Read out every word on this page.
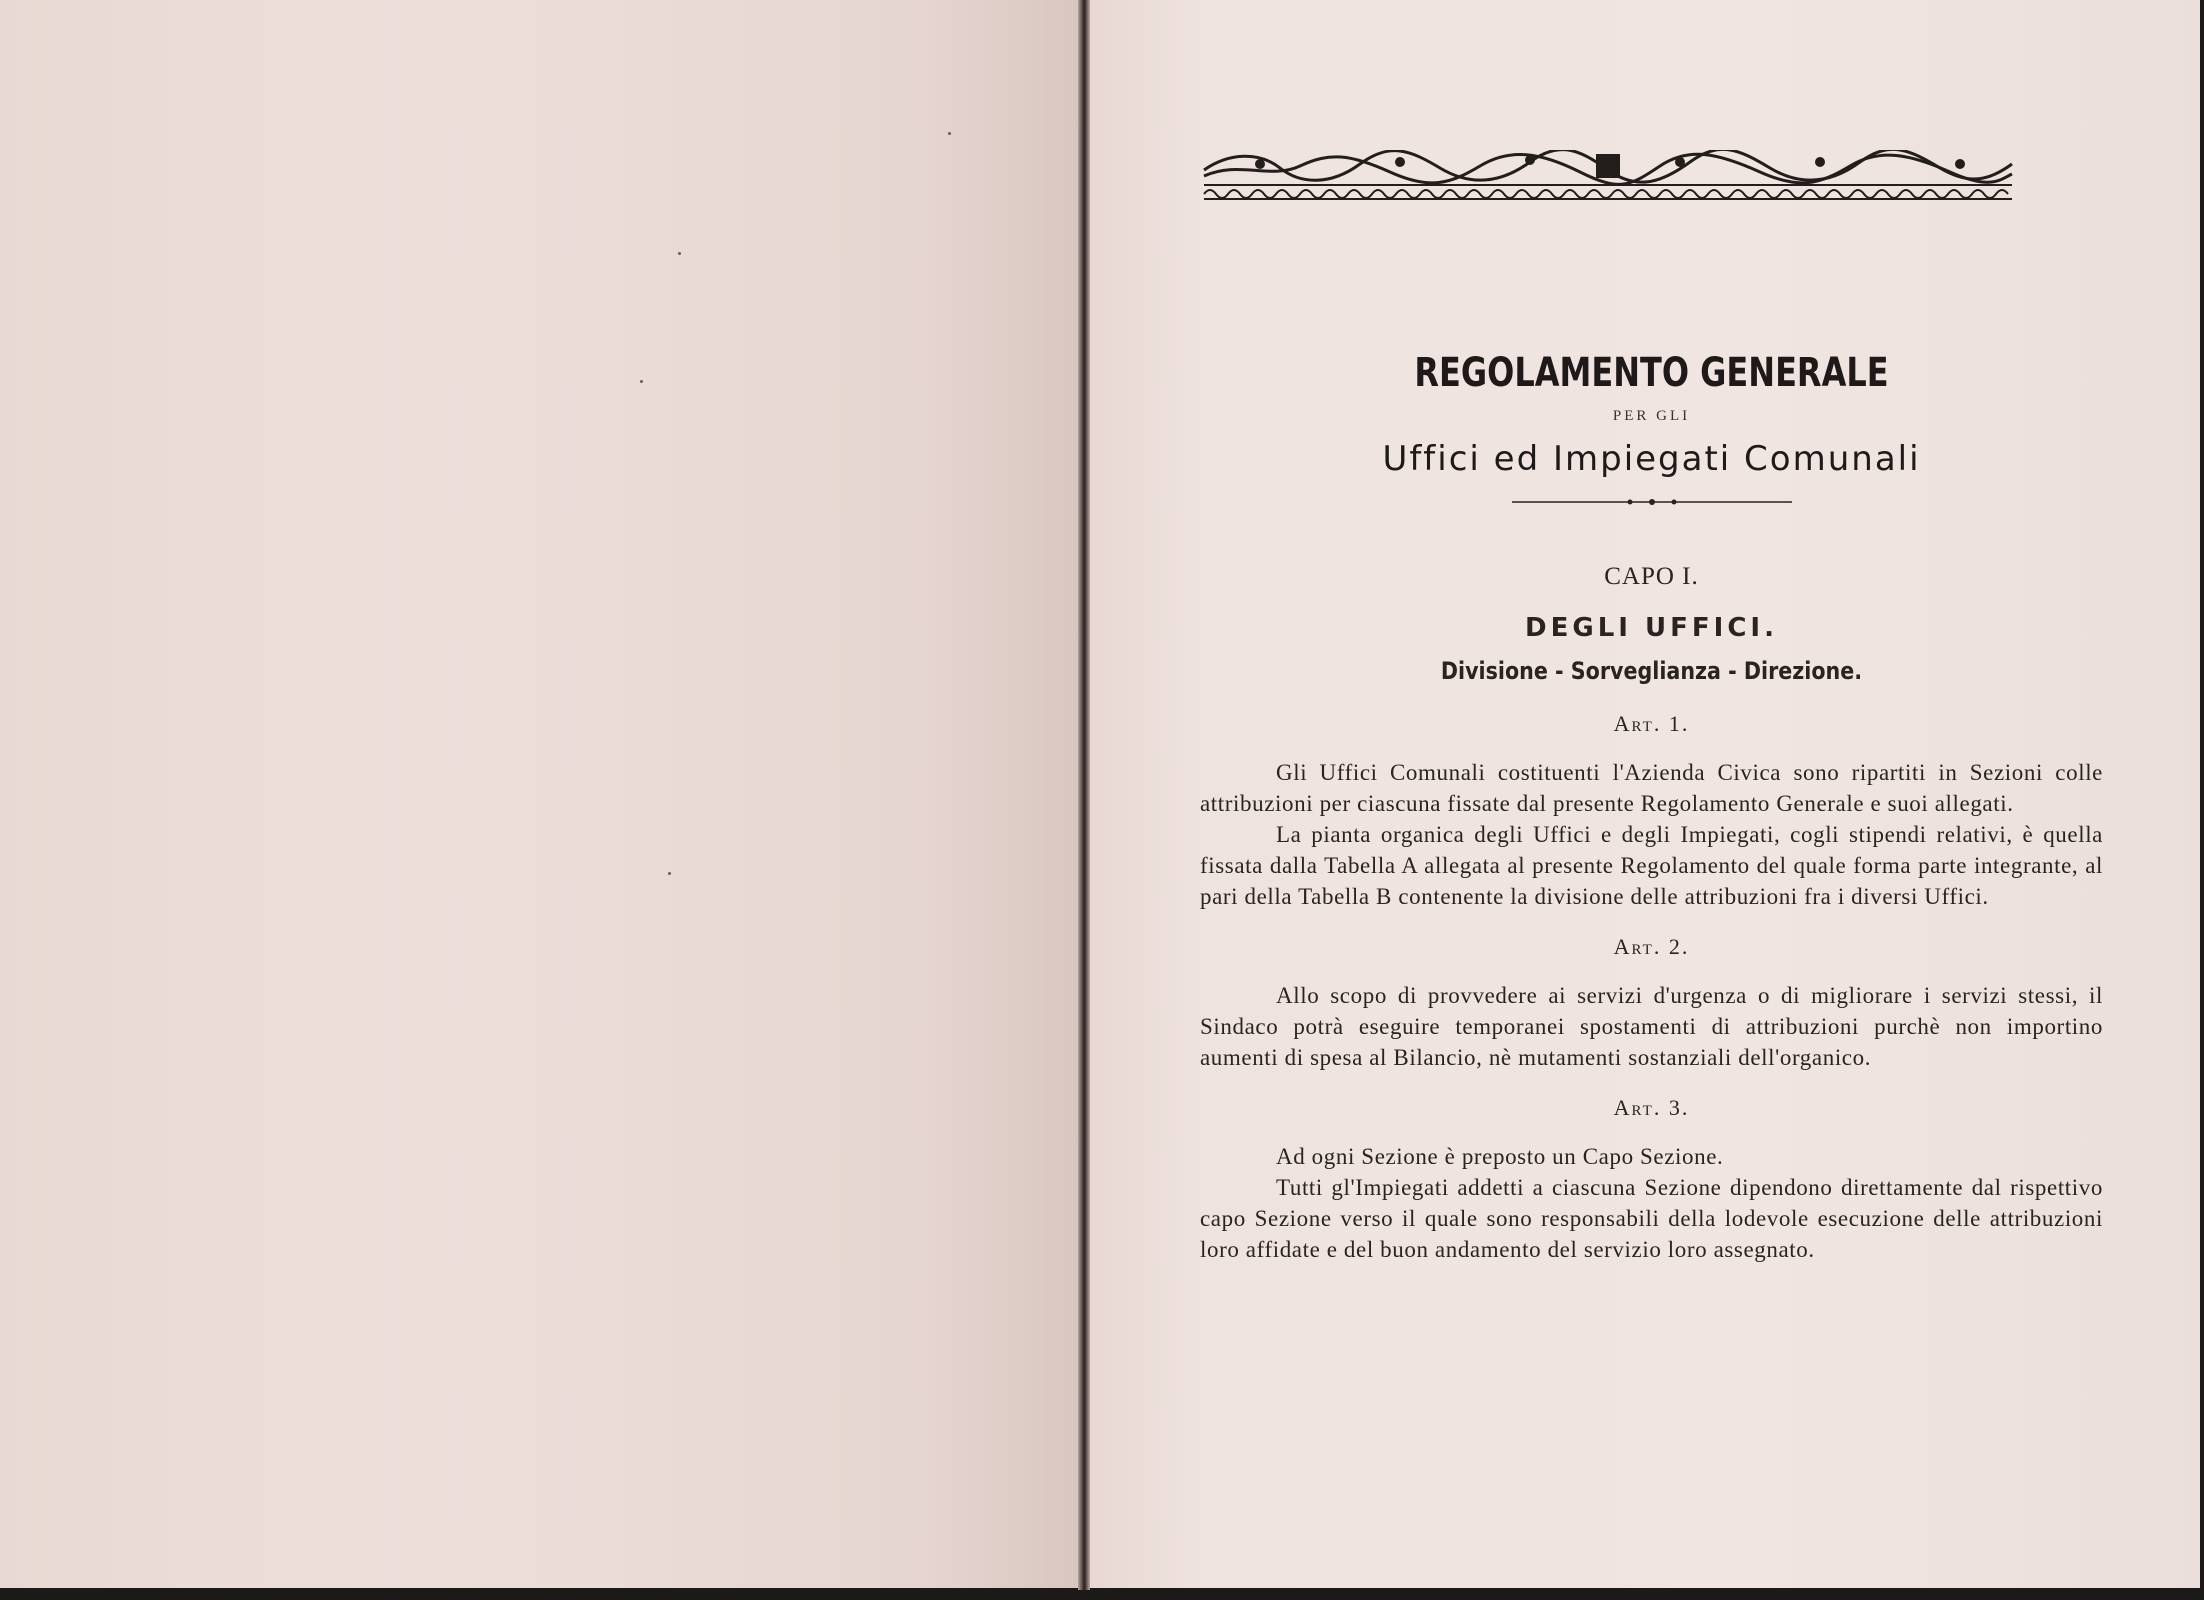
REGOLAMENTO GENERALE
PER GLI
Uffici ed Impiegati Comunali
CAPO I.
DEGLI UFFICI.
Divisione - Sorveglianza - Direzione.
Art. 1.

Gli Uffici Comunali costituenti l'Azienda Civica sono ripartiti in Sezioni colle attribuzioni per ciascuna fissate dal presente Regolamento Generale e suoi allegati.

La pianta organica degli Uffici e degli Impiegati, cogli stipendi relativi, è quella fissata dalla Tabella A allegata al presente Regolamento del quale forma parte integrante, al pari della Tabella B contenente la divisione delle attribuzioni fra i diversi Uffici.

Art. 2.

Allo scopo di provvedere ai servizi d'urgenza o di migliorare i servizi stessi, il Sindaco potrà eseguire temporanei spostamenti di attribuzioni purchè non importino aumenti di spesa al Bilancio, nè mutamenti sostanziali dell'organico.

Art. 3.

Ad ogni Sezione è preposto un Capo Sezione.

Tutti gl'Impiegati addetti a ciascuna Sezione dipendono direttamente dal rispettivo capo Sezione verso il quale sono responsabili della lodevole esecuzione delle attribuzioni loro affidate e del buon andamento del servizio loro assegnato.
